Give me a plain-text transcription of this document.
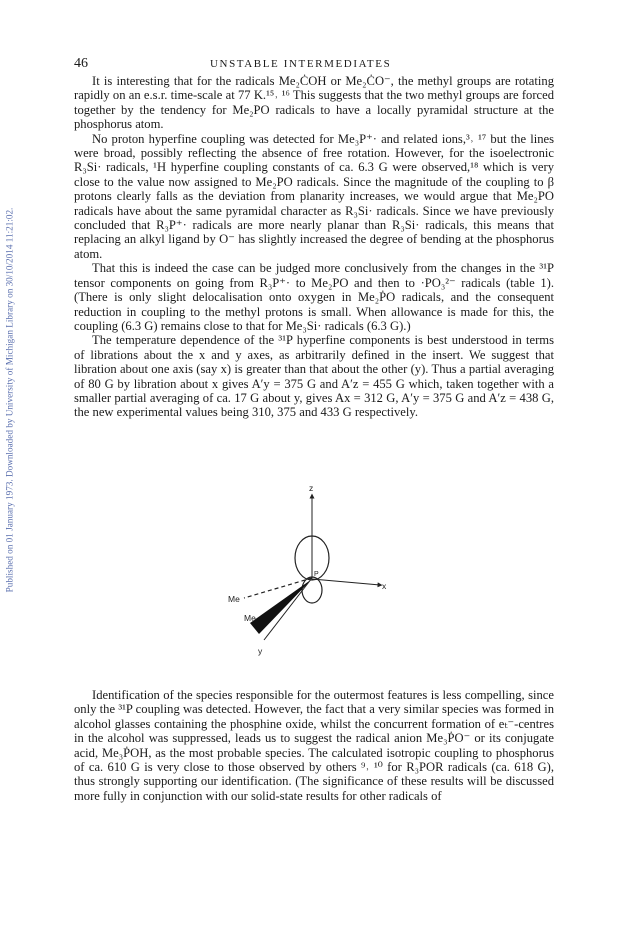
Published on 01 January 1973. Downloaded by University of Michigan Library on 30/10/2014 11:21:02.
46	UNSTABLE INTERMEDIATES

It is interesting that for the radicals Me₂ĊOH or Me₂ĊO⁻, the methyl groups are rotating rapidly on an e.s.r. time-scale at 77 K.¹⁵˒ ¹⁶ This suggests that the two methyl groups are forced together by the tendency for Me₂PO radicals to have a locally pyramidal structure at the phosphorus atom.

No proton hyperfine coupling was detected for Me₃P⁺· and related ions,³˒ ¹⁷ but the lines were broad, possibly reflecting the absence of free rotation. However, for the isoelectronic R₃Si· radicals, ¹H hyperfine coupling constants of ca. 6.3 G were observed,¹⁸ which is very close to the value now assigned to Me₂PO radicals. Since the magnitude of the coupling to β protons clearly falls as the deviation from planarity increases, we would argue that Me₂PO radicals have about the same pyramidal character as R₃Si· radicals. Since we have previously concluded that R₃P⁺· radicals are more nearly planar than R₃Si· radicals, this means that replacing an alkyl ligand by O⁻ has slightly increased the degree of bending at the phosphorus atom.

That this is indeed the case can be judged more conclusively from the changes in the ³¹P tensor components on going from R₃P⁺· to Me₂PO and then to ·PO₃²⁻ radicals (table 1). (There is only slight delocalisation onto oxygen in Me₂ṖO radicals, and the consequent reduction in coupling to the methyl protons is small. When allowance is made for this, the coupling (6.3 G) remains close to that for Me₃Si· radicals (6.3 G).)

The temperature dependence of the ³¹P hyperfine components is best understood in terms of librations about the x and y axes, as arbitrarily defined in the insert. We suggest that libration about one axis (say x) is greater than that about the other (y). Thus a partial averaging of 80 G by libration about x gives A′y = 375 G and A′z = 455 G which, taken together with a smaller partial averaging of ca. 17 G about y, gives Ax = 312 G, A′y = 375 G and A′z = 438 G, the new experimental values being 310, 375 and 433 G respectively.

z
x
Me
Me
y
P

Identification of the species responsible for the outermost features is less compelling, since only the ³¹P coupling was detected. However, the fact that a very similar species was formed in alcohol glasses containing the phosphine oxide, whilst the concurrent formation of eₜ⁻-centres in the alcohol was suppressed, leads us to suggest the radical anion Me₃ṖO⁻ or its conjugate acid, Me₃ṖOH, as the most probable species. The calculated isotropic coupling to phosphorus of ca. 610 G is very close to those observed by others ⁹˒ ¹⁰ for R₃POR radicals (ca. 618 G), thus strongly supporting our identification. (The significance of these results will be discussed more fully in conjunction with our solid-state results for other radicals of
